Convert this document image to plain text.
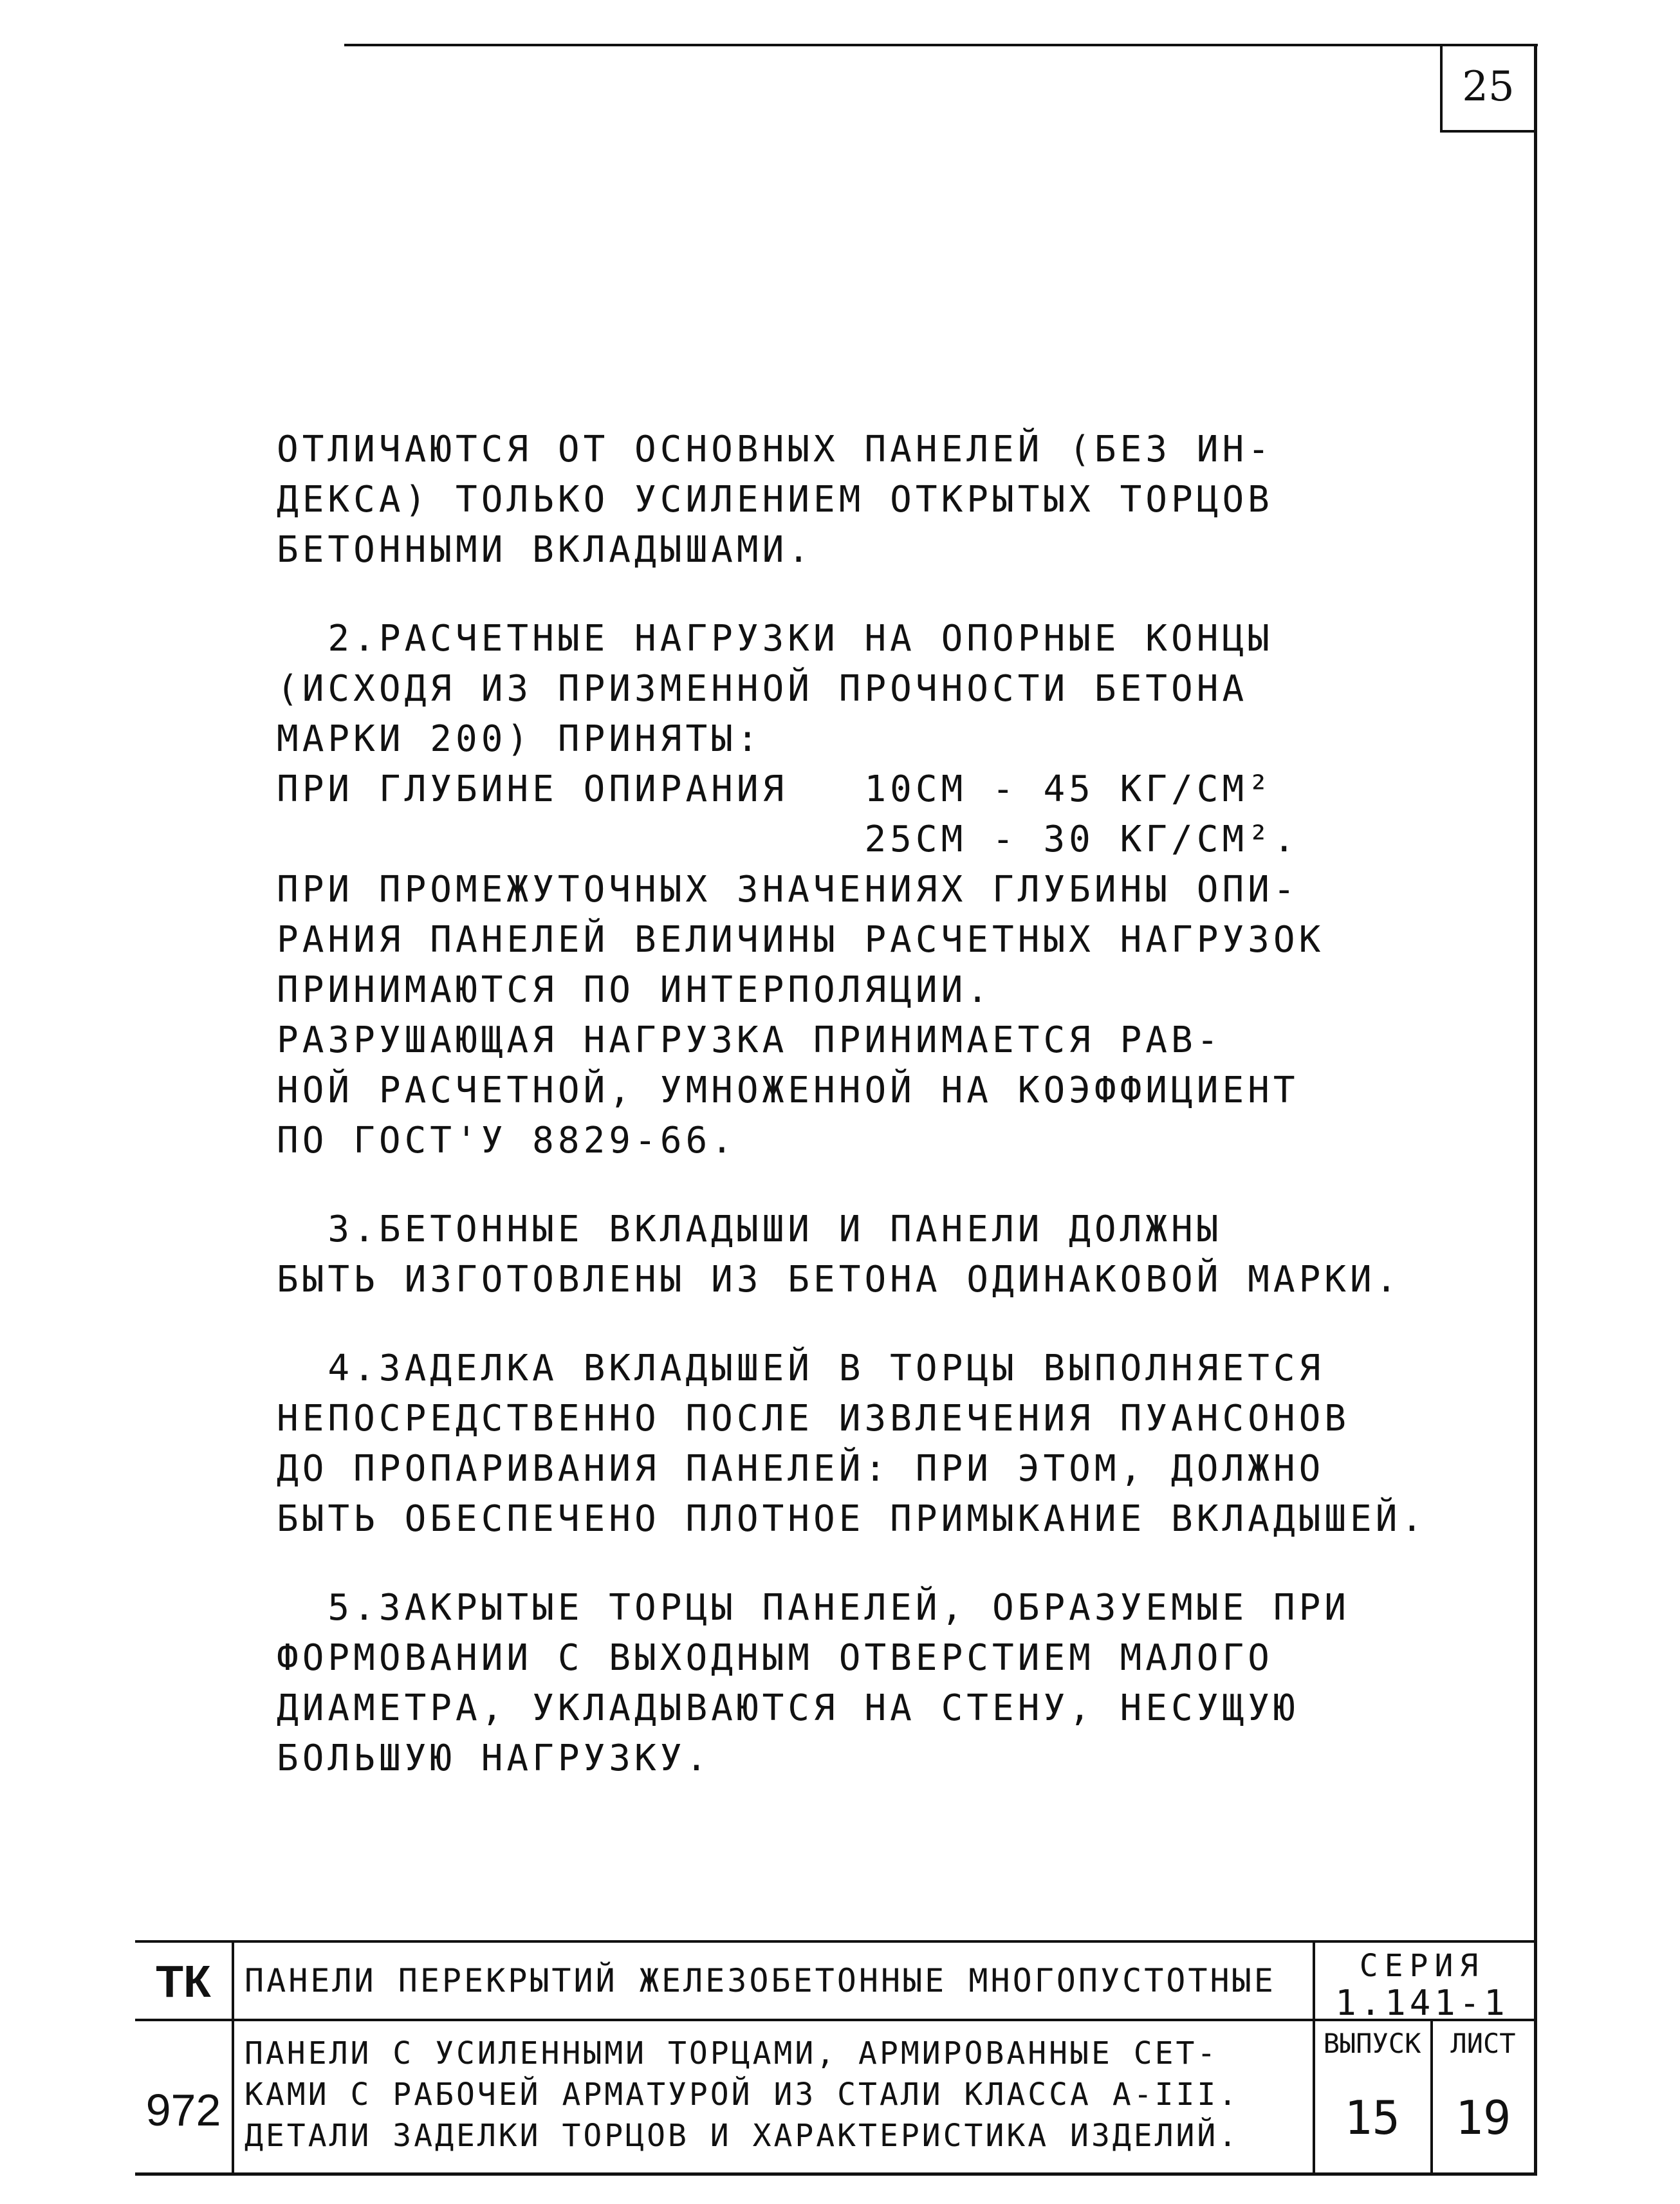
25
ОТЛИЧАЮТСЯ ОТ ОСНОВНЫХ ПАНЕЛЕЙ (БЕЗ ИН-
ДЕКСА) ТОЛЬКО УСИЛЕНИЕМ ОТКРЫТЫХ ТОРЦОВ
БЕТОННЫМИ ВКЛАДЫШАМИ.
2.РАСЧЕТНЫЕ НАГРУЗКИ НА ОПОРНЫЕ КОНЦЫ
(ИСХОДЯ ИЗ ПРИЗМЕННОЙ ПРОЧНОСТИ БЕТОНА
МАРКИ 200) ПРИНЯТЫ:
ПРИ ГЛУБИНЕ ОПИРАНИЯ   10СМ - 45 КГ/СМ²
25СМ - 30 КГ/СМ².
ПРИ ПРОМЕЖУТОЧНЫХ ЗНАЧЕНИЯХ ГЛУБИНЫ ОПИ-
РАНИЯ ПАНЕЛЕЙ ВЕЛИЧИНЫ РАСЧЕТНЫХ НАГРУЗОК
ПРИНИМАЮТСЯ ПО ИНТЕРПОЛЯЦИИ.
РАЗРУШАЮЩАЯ НАГРУЗКА ПРИНИМАЕТСЯ РАВ-
НОЙ РАСЧЕТНОЙ, УМНОЖЕННОЙ НА КОЭФФИЦИЕНТ
ПО ГОСТ'У 8829-66.
3.БЕТОННЫЕ ВКЛАДЫШИ И ПАНЕЛИ ДОЛЖНЫ
БЫТЬ ИЗГОТОВЛЕНЫ ИЗ БЕТОНА ОДИНАКОВОЙ МАРКИ.
4.ЗАДЕЛКА ВКЛАДЫШЕЙ В ТОРЦЫ ВЫПОЛНЯЕТСЯ
НЕПОСРЕДСТВЕННО ПОСЛЕ ИЗВЛЕЧЕНИЯ ПУАНСОНОВ
ДО ПРОПАРИВАНИЯ ПАНЕЛЕЙ: ПРИ ЭТОМ, ДОЛЖНО
БЫТЬ ОБЕСПЕЧЕНО ПЛОТНОЕ ПРИМЫКАНИЕ ВКЛАДЫШЕЙ.
5.ЗАКРЫТЫЕ ТОРЦЫ ПАНЕЛЕЙ, ОБРАЗУЕМЫЕ ПРИ
ФОРМОВАНИИ С ВЫХОДНЫМ ОТВЕРСТИЕМ МАЛОГО
ДИАМЕТРА, УКЛАДЫВАЮТСЯ НА СТЕНУ, НЕСУЩУЮ
БОЛЬШУЮ НАГРУЗКУ.
ТК
972
ПАНЕЛИ ПЕРЕКРЫТИЙ ЖЕЛЕЗОБЕТОННЫЕ МНОГОПУСТОТНЫЕ
ПАНЕЛИ С УСИЛЕННЫМИ ТОРЦАМИ, АРМИРОВАННЫЕ СЕТ-
КАМИ С РАБОЧЕЙ АРМАТУРОЙ ИЗ СТАЛИ КЛАССА А-III.
ДЕТАЛИ ЗАДЕЛКИ ТОРЦОВ И ХАРАКТЕРИСТИКА ИЗДЕЛИЙ.
СЕРИЯ
1.141-1
ВЫПУСК	ЛИСТ
15	19
